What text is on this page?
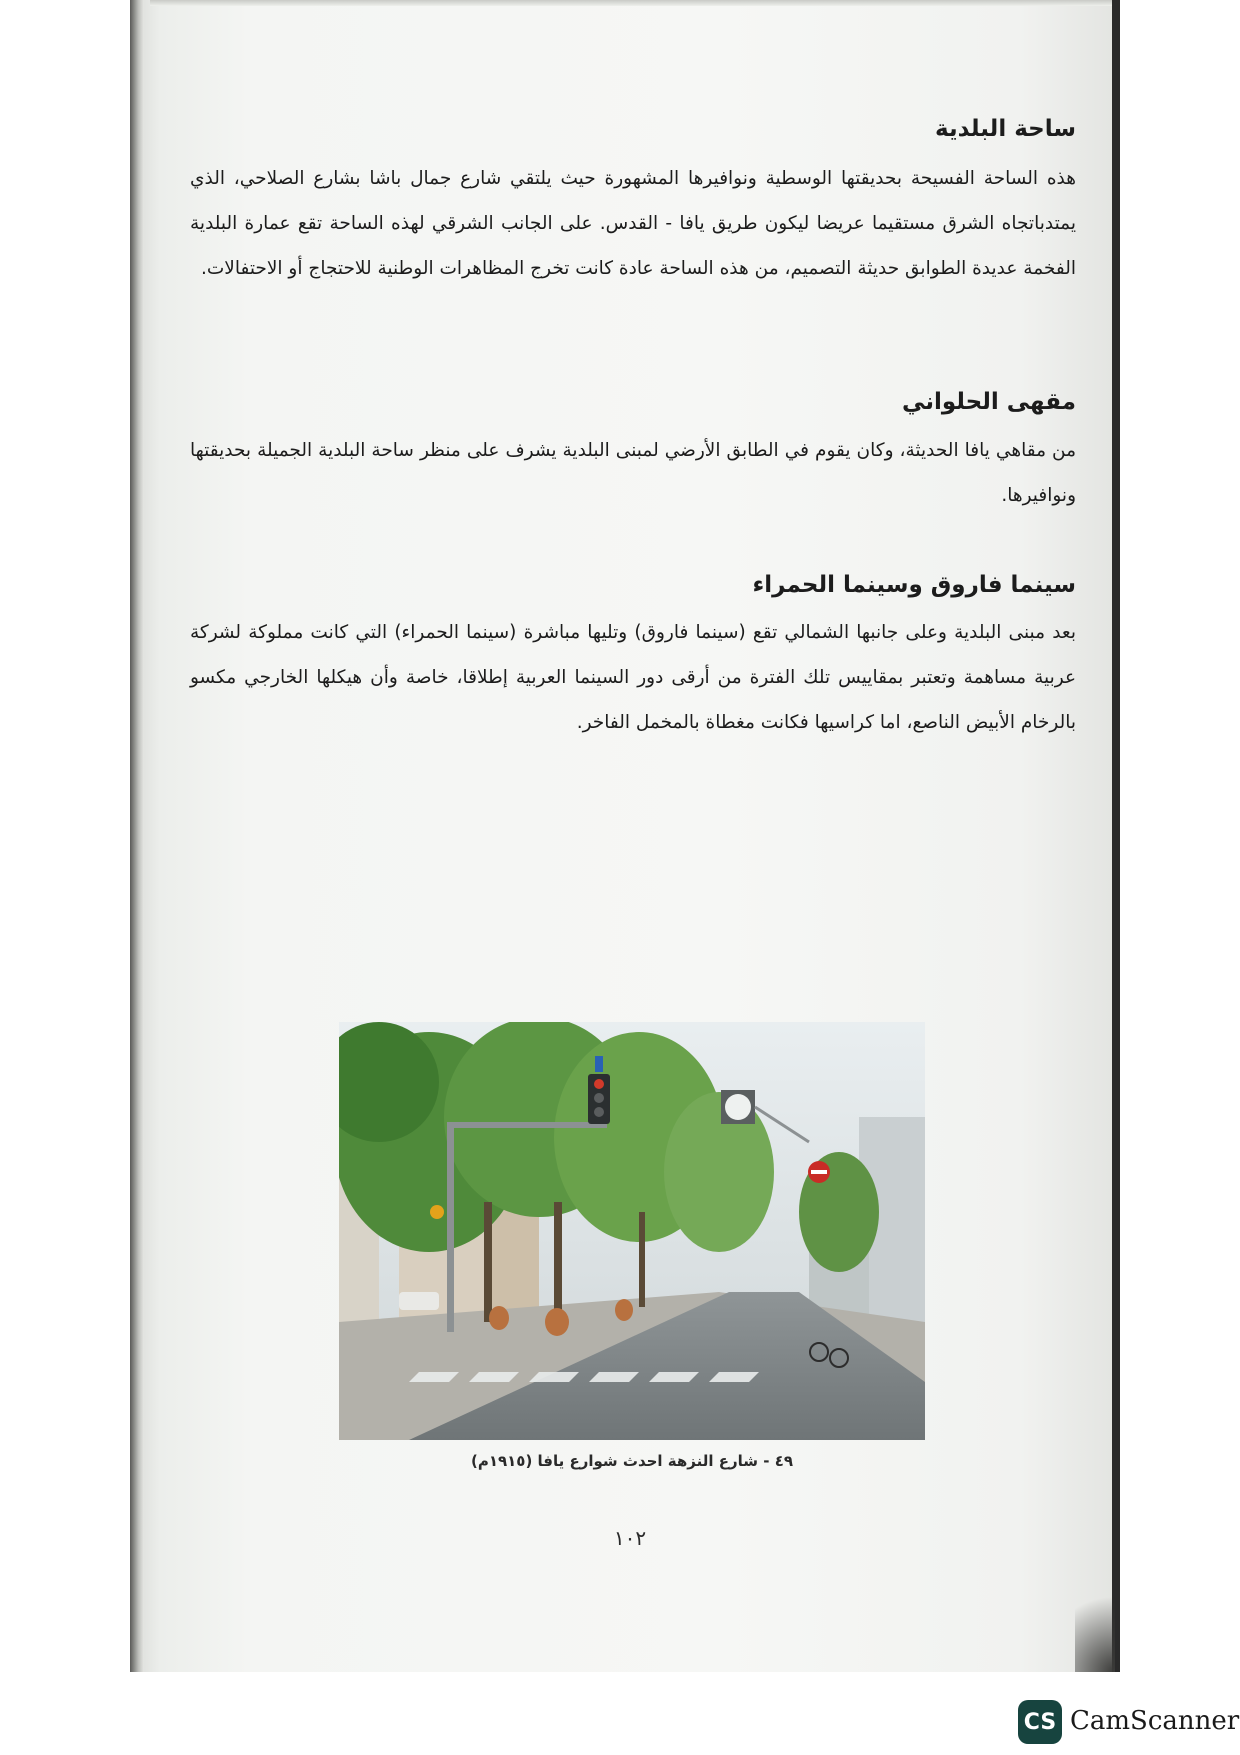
ساحة البلدية

هذه الساحة الفسيحة بحديقتها الوسطية ونوافيرها المشهورة حيث يلتقي شارع جمال باشا بشارع الصلاحي، الذي يمتدباتجاه الشرق مستقيما عريضا ليكون طريق يافا - القدس. على الجانب الشرقي لهذه الساحة تقع عمارة البلدية الفخمة عديدة الطوابق حديثة التصميم، من هذه الساحة عادة كانت تخرج المظاهرات الوطنية للاحتجاج أو الاحتفالات.

مقهى الحلواني

من مقاهي يافا الحديثة، وكان يقوم في الطابق الأرضي لمبنى البلدية يشرف على منظر ساحة البلدية الجميلة بحديقتها ونوافيرها.

سينما فاروق وسينما الحمراء

بعد مبنى البلدية وعلى جانبها الشمالي تقع (سينما فاروق) وتليها مباشرة (سينما الحمراء) التي كانت مملوكة لشركة عربية مساهمة وتعتبر بمقاييس تلك الفترة من أرقى دور السينما العربية إطلاقا، خاصة وأن هيكلها الخارجي مكسو بالرخام الأبيض الناصع، اما كراسيها فكانت مغطاة بالمخمل الفاخر.

٤٩ - شارع النزهة احدث شوارع يافا (١٩١٥م)
١٠٢
CS CamScanner
